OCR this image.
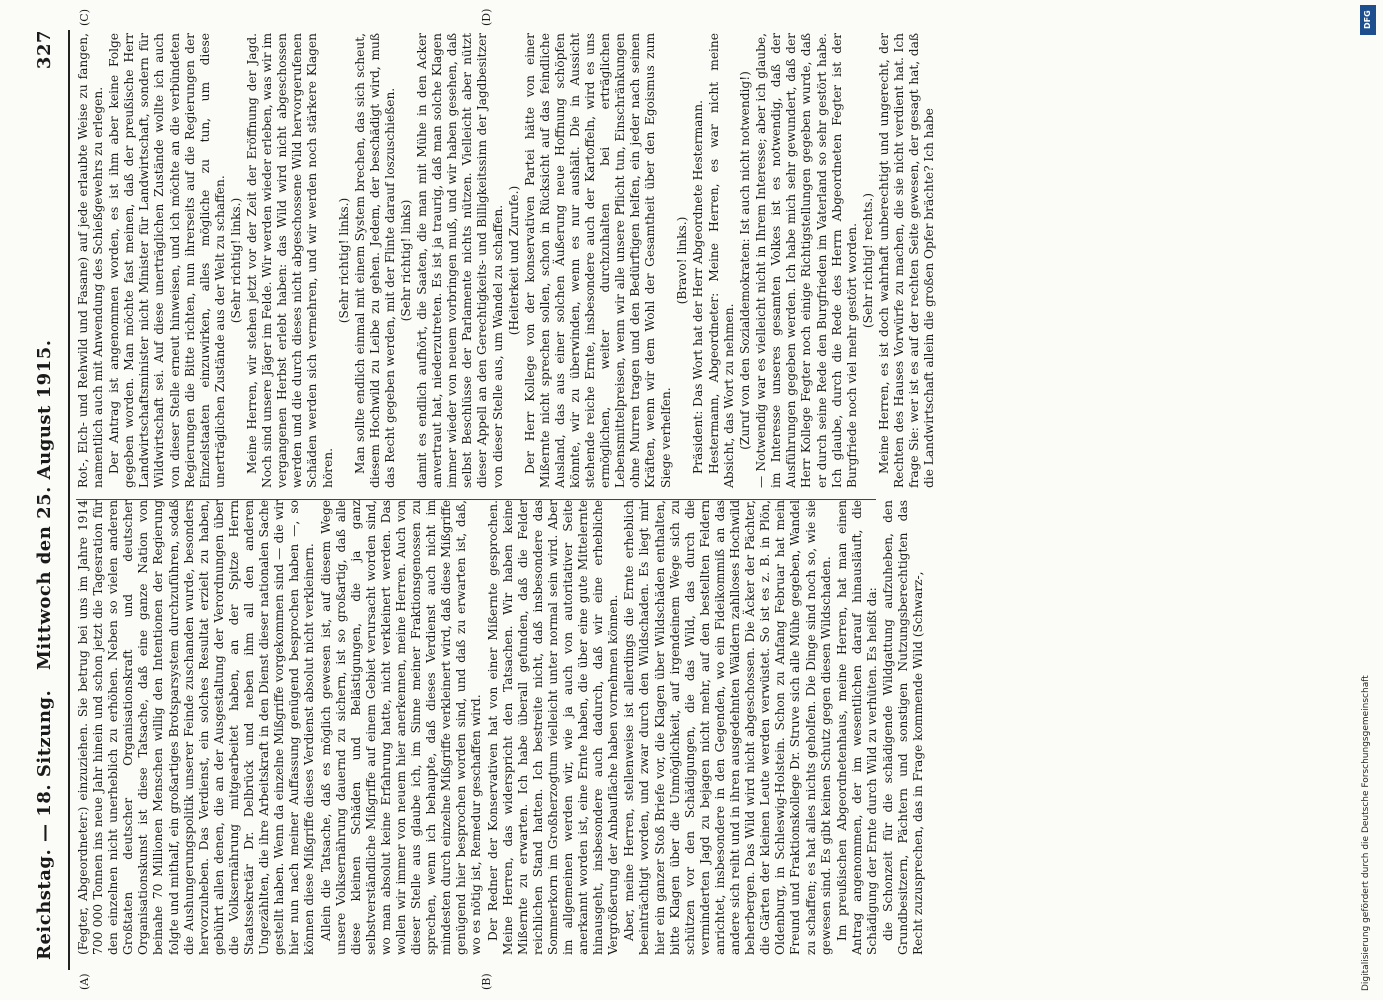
Reichstag. — 18. Sitzung.
Mittwoch den 25. August 1915.
327
(A)	(B)
(C)	(D)

(Fegter, Abgeordneter:) einzuziehen. Sie betrug bei uns im Jahre 1914 700 000 Tonnen ins neue Jahr hinein und schon jetzt die Tagesration für den einzelnen nicht unerheblich zu erhöhen. Neben so vielen anderen Großtaten deutscher Organisationskraft und deutscher Organisationskunst ist diese Tatsache, daß eine ganze Nation von beinahe 70 Millionen Menschen willig den Intentionen der Regierung folgte und mithalf, ein großartiges Brotsparsystem durchzuführen, sodaß die Aushungerungspolitik unserer Feinde zuschanden wurde, besonders hervorzuheben. Das Verdienst, ein solches Resultat erzielt zu haben, gebührt allen denen, die an der Ausgestaltung der Verordnungen über die Volksernährung mitgearbeitet haben, an der Spitze Herrn Staatssekretär Dr. Delbrück und neben ihm all den anderen Ungezählten, die ihre Arbeitskraft in den Dienst dieser nationalen Sache gestellt haben. Wenn da einzelne Mißgriffe vorgekommen sind — die wir hier nun nach meiner Auffassung genügend besprochen haben —, so können diese Mißgriffe dieses Verdienst absolut nicht verkleinern. Allein die Tatsache, daß es möglich gewesen ist, auf diesem Wege unsere Volksernährung dauernd zu sichern, ist so großartig, daß alle diese kleinen Schäden und Belästigungen, die ja ganz selbstverständliche Mißgriffe auf einem Gebiet verursacht worden sind, wo man absolut keine Erfahrung hatte, nicht verkleinert werden. Das wollen wir immer von neuem hier anerkennen, meine Herren. Auch von dieser Stelle aus glaube ich, im Sinne meiner Fraktionsgenossen zu sprechen, wenn ich behaupte, daß dieses Verdienst auch nicht im mindesten durch einzelne Mißgriffe verkleinert wird, daß diese Mißgriffe genügend hier besprochen worden sind, und daß zu erwarten ist, daß, wo es nötig ist, Remedur geschaffen wird. Der Redner der Konservativen hat von einer Mißernte gesprochen. Meine Herren, das widerspricht den Tatsachen. Wir haben keine Mißernte zu erwarten. Ich habe überall gefunden, daß die Felder reichlichen Stand hatten. Ich bestreite nicht, daß insbesondere das Sommerkorn im Großherzogtum vielleicht unter normal sein wird. Aber im allgemeinen werden wir, wie ja auch von autoritativer Seite anerkannt worden ist, eine Ernte haben, die über eine gute Mittelernte hinausgeht, insbesondere auch dadurch, daß wir eine erhebliche Vergrößerung der Anbaufläche haben vornehmen können. Aber, meine Herren, stellenweise ist allerdings die Ernte erheblich beeinträchtigt worden, und zwar durch den Wildschaden. Es liegt mir hier ein ganzer Stoß Briefe vor, die Klagen über Wildschäden enthalten, bitte Klagen über die Unmöglichkeit, auf irgendeinem Wege sich zu schützen vor den Schädigungen, die das Wild, das durch die verminderten Jagd zu bejagen nicht mehr, auf den bestellten Feldern anrichtet, insbesondere in den Gegenden, wo ein Fideikommiß an das andere sich reiht und in ihren ausgedehnten Wäldern zahlloses Hochwild beherbergen. Das Wild wird nicht abgeschossen. Die Äcker der Pächter, die Gärten der kleinen Leute werden verwüstet. So ist es z. B. in Plön, Oldenburg, in Schleswig-Holstein. Schon zu Anfang Februar hat mein Freund und Fraktionskollege Dr. Struve sich alle Mühe gegeben, Wandel zu schaffen; es hat alles nichts geholfen. Die Dinge sind noch so, wie sie gewesen sind. Es gibt keinen Schutz gegen diesen Wildschaden. Im preußischen Abgeordnetenhaus, meine Herren, hat man einen Antrag angenommen, der im wesentlichen darauf hinausläuft, die Schädigung der Ernte durch Wild zu verhüten. Es heißt da: die Schonzeit für die schädigende Wildgattung aufzuheben, den Grundbesitzern, Pächtern und sonstigen Nutzungsberechtigten das Recht zuzusprechen, das in Frage kommende Wild (Schwarz-,

Rot-, Elch- und Rehwild und Fasane) auf jede erlaubte Weise zu fangen, namentlich auch mit Anwendung des Schießgewehrs zu erlegen. Der Antrag ist angenommen worden, es ist ihm aber keine Folge gegeben worden. Man möchte fast meinen, daß der preußische Herr Landwirtschaftsminister nicht Minister für Landwirtschaft, sondern für Wildwirtschaft sei. Auf diese unerträglichen Zustände wollte ich auch von dieser Stelle erneut hinweisen, und ich möchte an die verbündeten Regierungen die Bitte richten, nun ihrerseits auf die Regierungen der Einzelstaaten einzuwirken, alles mögliche zu tun, um diese unerträglichen Zustände aus der Welt zu schaffen. (Sehr richtig! links.) Meine Herren, wir stehen jetzt vor der Zeit der Eröffnung der Jagd. Noch sind unsere Jäger im Felde. Wir werden wieder erleben, was wir im vergangenen Herbst erlebt haben: das Wild wird nicht abgeschossen werden und die durch dieses nicht abgeschossene Wild hervorgerufenen Schäden werden sich vermehren, und wir werden noch stärkere Klagen hören.

(Sehr richtig! links.) Man sollte endlich einmal mit einem System brechen, das sich scheut, diesem Hochwild zu Leibe zu gehen. Jedem, der beschädigt wird, muß das Recht gegeben werden, mit der Flinte darauf loszuschießen. (Sehr richtig! links) damit es endlich aufhört, die Saaten, die man mit Mühe in den Acker anvertraut hat, niederzutreten. Es ist ja traurig, daß man solche Klagen immer wieder von neuem vorbringen muß, und wir haben gesehen, daß selbst Beschlüsse der Parlamente nichts nützen. Vielleicht aber nützt dieser Appell an den Gerechtigkeits- und Billigkeitssinn der Jagdbesitzer von dieser Stelle aus, um Wandel zu schaffen. (Heiterkeit und Zurufe.) Der Herr Kollege von der konservativen Partei hätte von einer Mißernte nicht sprechen sollen, schon in Rücksicht auf das feindliche Ausland, das aus einer solchen Äußerung neue Hoffnung schöpfen könnte, wir zu überwinden, wenn es nur aushält. Die in Aussicht stehende reiche Ernte, insbesondere auch der Kartoffeln, wird es uns ermöglichen, weiter durchzuhalten bei erträglichen Lebensmittelpreisen, wenn wir alle unsere Pflicht tun, Einschränkungen ohne Murren tragen und den Bedürftigen helfen, ein jeder nach seinen Kräften, wenn wir dem Wohl der Gesamtheit über den Egoismus zum Siege verhelfen.

(Bravo! links.) Präsident: Das Wort hat der Herr Abgeordnete Hestermann. Hestermann, Abgeordneter: Meine Herren, es war nicht meine Absicht, das Wort zu nehmen. (Zuruf von den Sozialdemokraten: Ist auch nicht notwendig!) — Notwendig war es vielleicht nicht in Ihrem Interesse; aber ich glaube, im Interesse unseres gesamten Volkes ist es notwendig, daß der Ausführungen gegeben werden. Ich habe mich sehr gewundert, daß der Herr Kollege Fegter noch einige Richtigstellungen gegeben wurde, daß er durch seine Rede den Burgfrieden im Vaterland so sehr gestört habe. Ich glaube, durch die Rede des Herrn Abgeordneten Fegter ist der Burgfriede noch viel mehr gestört worden. (Sehr richtig! rechts.) Meine Herren, es ist doch wahrhaft unberechtigt und ungerecht, der Rechten des Hauses Vorwürfe zu machen, die sie nicht verdient hat. Ich frage Sie: wer ist es auf der rechten Seite gewesen, der gesagt hat, daß die Landwirtschaft allein die großen Opfer brächte? Ich habe

DFG
Digitalisierung gefördert durch die Deutsche Forschungsgemeinschaft
